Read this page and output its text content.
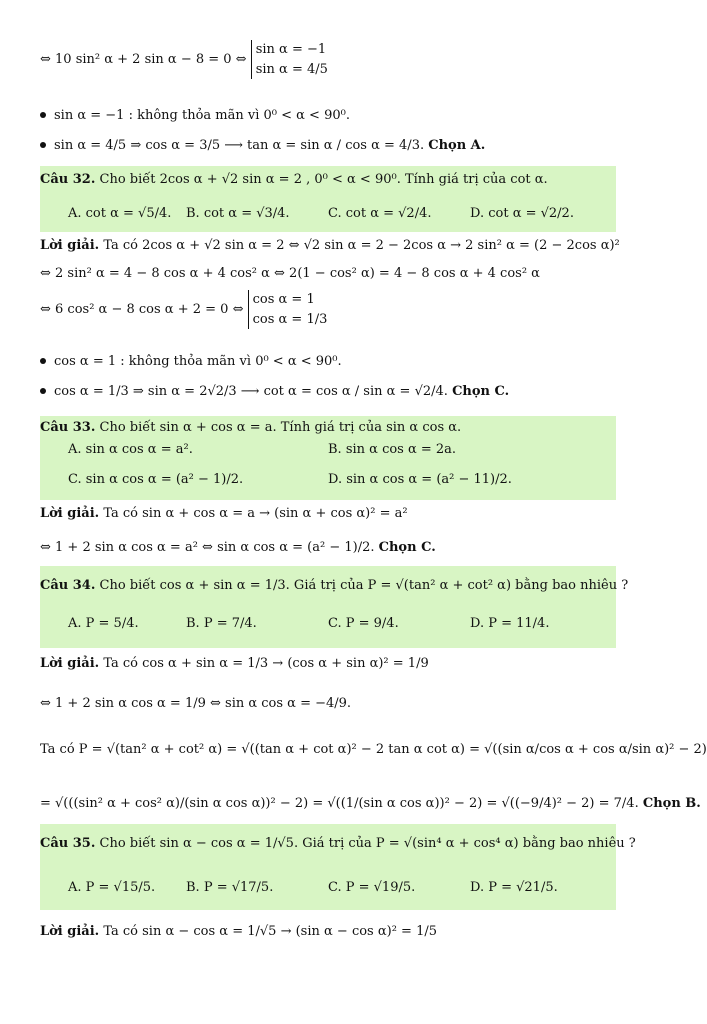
⇔ 10 sin² α + 2 sin α − 8 = 0 ⇔
sin α = −1
sin α = 4/5
sin α = −1 : không thỏa mãn vì 0⁰ < α < 90⁰.
sin α = 4/5 ⇒ cos α = 3/5 ⟶ tan α = sin α / cos α = 4/3. Chọn A.
Câu 32. Cho biết 2cos α + √2 sin α = 2 , 0⁰ < α < 90⁰. Tính giá trị của cot α.
A. cot α = √5/4. B. cot α = √3/4.	C. cot α = √2/4.	D. cot α = √2/2.
Lời giải. Ta có 2cos α + √2 sin α = 2 ⇔ √2 sin α = 2 − 2cos α → 2 sin² α = (2 − 2cos α)²
⇔ 2 sin² α = 4 − 8 cos α + 4 cos² α ⇔ 2(1 − cos² α) = 4 − 8 cos α + 4 cos² α
⇔ 6 cos² α − 8 cos α + 2 = 0 ⇔
cos α = 1
cos α = 1/3
cos α = 1 : không thỏa mãn vì 0⁰ < α < 90⁰.
cos α = 1/3 ⇒ sin α = 2√2/3 ⟶ cot α = cos α / sin α = √2/4. Chọn C.
Câu 33. Cho biết sin α + cos α = a. Tính giá trị của sin α cos α.
A. sin α cos α = a².	B. sin α cos α = 2a.
C. sin α cos α = (a² − 1)/2.	D. sin α cos α = (a² − 11)/2.
Lời giải. Ta có sin α + cos α = a → (sin α + cos α)² = a²
⇔ 1 + 2 sin α cos α = a² ⇔ sin α cos α = (a² − 1)/2. Chọn C.
Câu 34. Cho biết cos α + sin α = 1/3. Giá trị của P = √(tan² α + cot² α) bằng bao nhiêu ?
A. P = 5/4.	B. P = 7/4.	C. P = 9/4.	D. P = 11/4.
Lời giải. Ta có cos α + sin α = 1/3 → (cos α + sin α)² = 1/9
⇔ 1 + 2 sin α cos α = 1/9 ⇔ sin α cos α = −4/9.
Ta có P = √(tan² α + cot² α) = √((tan α + cot α)² − 2 tan α cot α) = √((sin α/cos α + cos α/sin α)² − 2)
= √(((sin² α + cos² α)/(sin α cos α))² − 2) = √((1/(sin α cos α))² − 2) = √((−9/4)² − 2) = 7/4. Chọn B.
Câu 35. Cho biết sin α − cos α = 1/√5. Giá trị của P = √(sin⁴ α + cos⁴ α) bằng bao nhiêu ?
A. P = √15/5. B. P = √17/5.	C. P = √19/5.	D. P = √21/5.
Lời giải. Ta có sin α − cos α = 1/√5 → (sin α − cos α)² = 1/5
